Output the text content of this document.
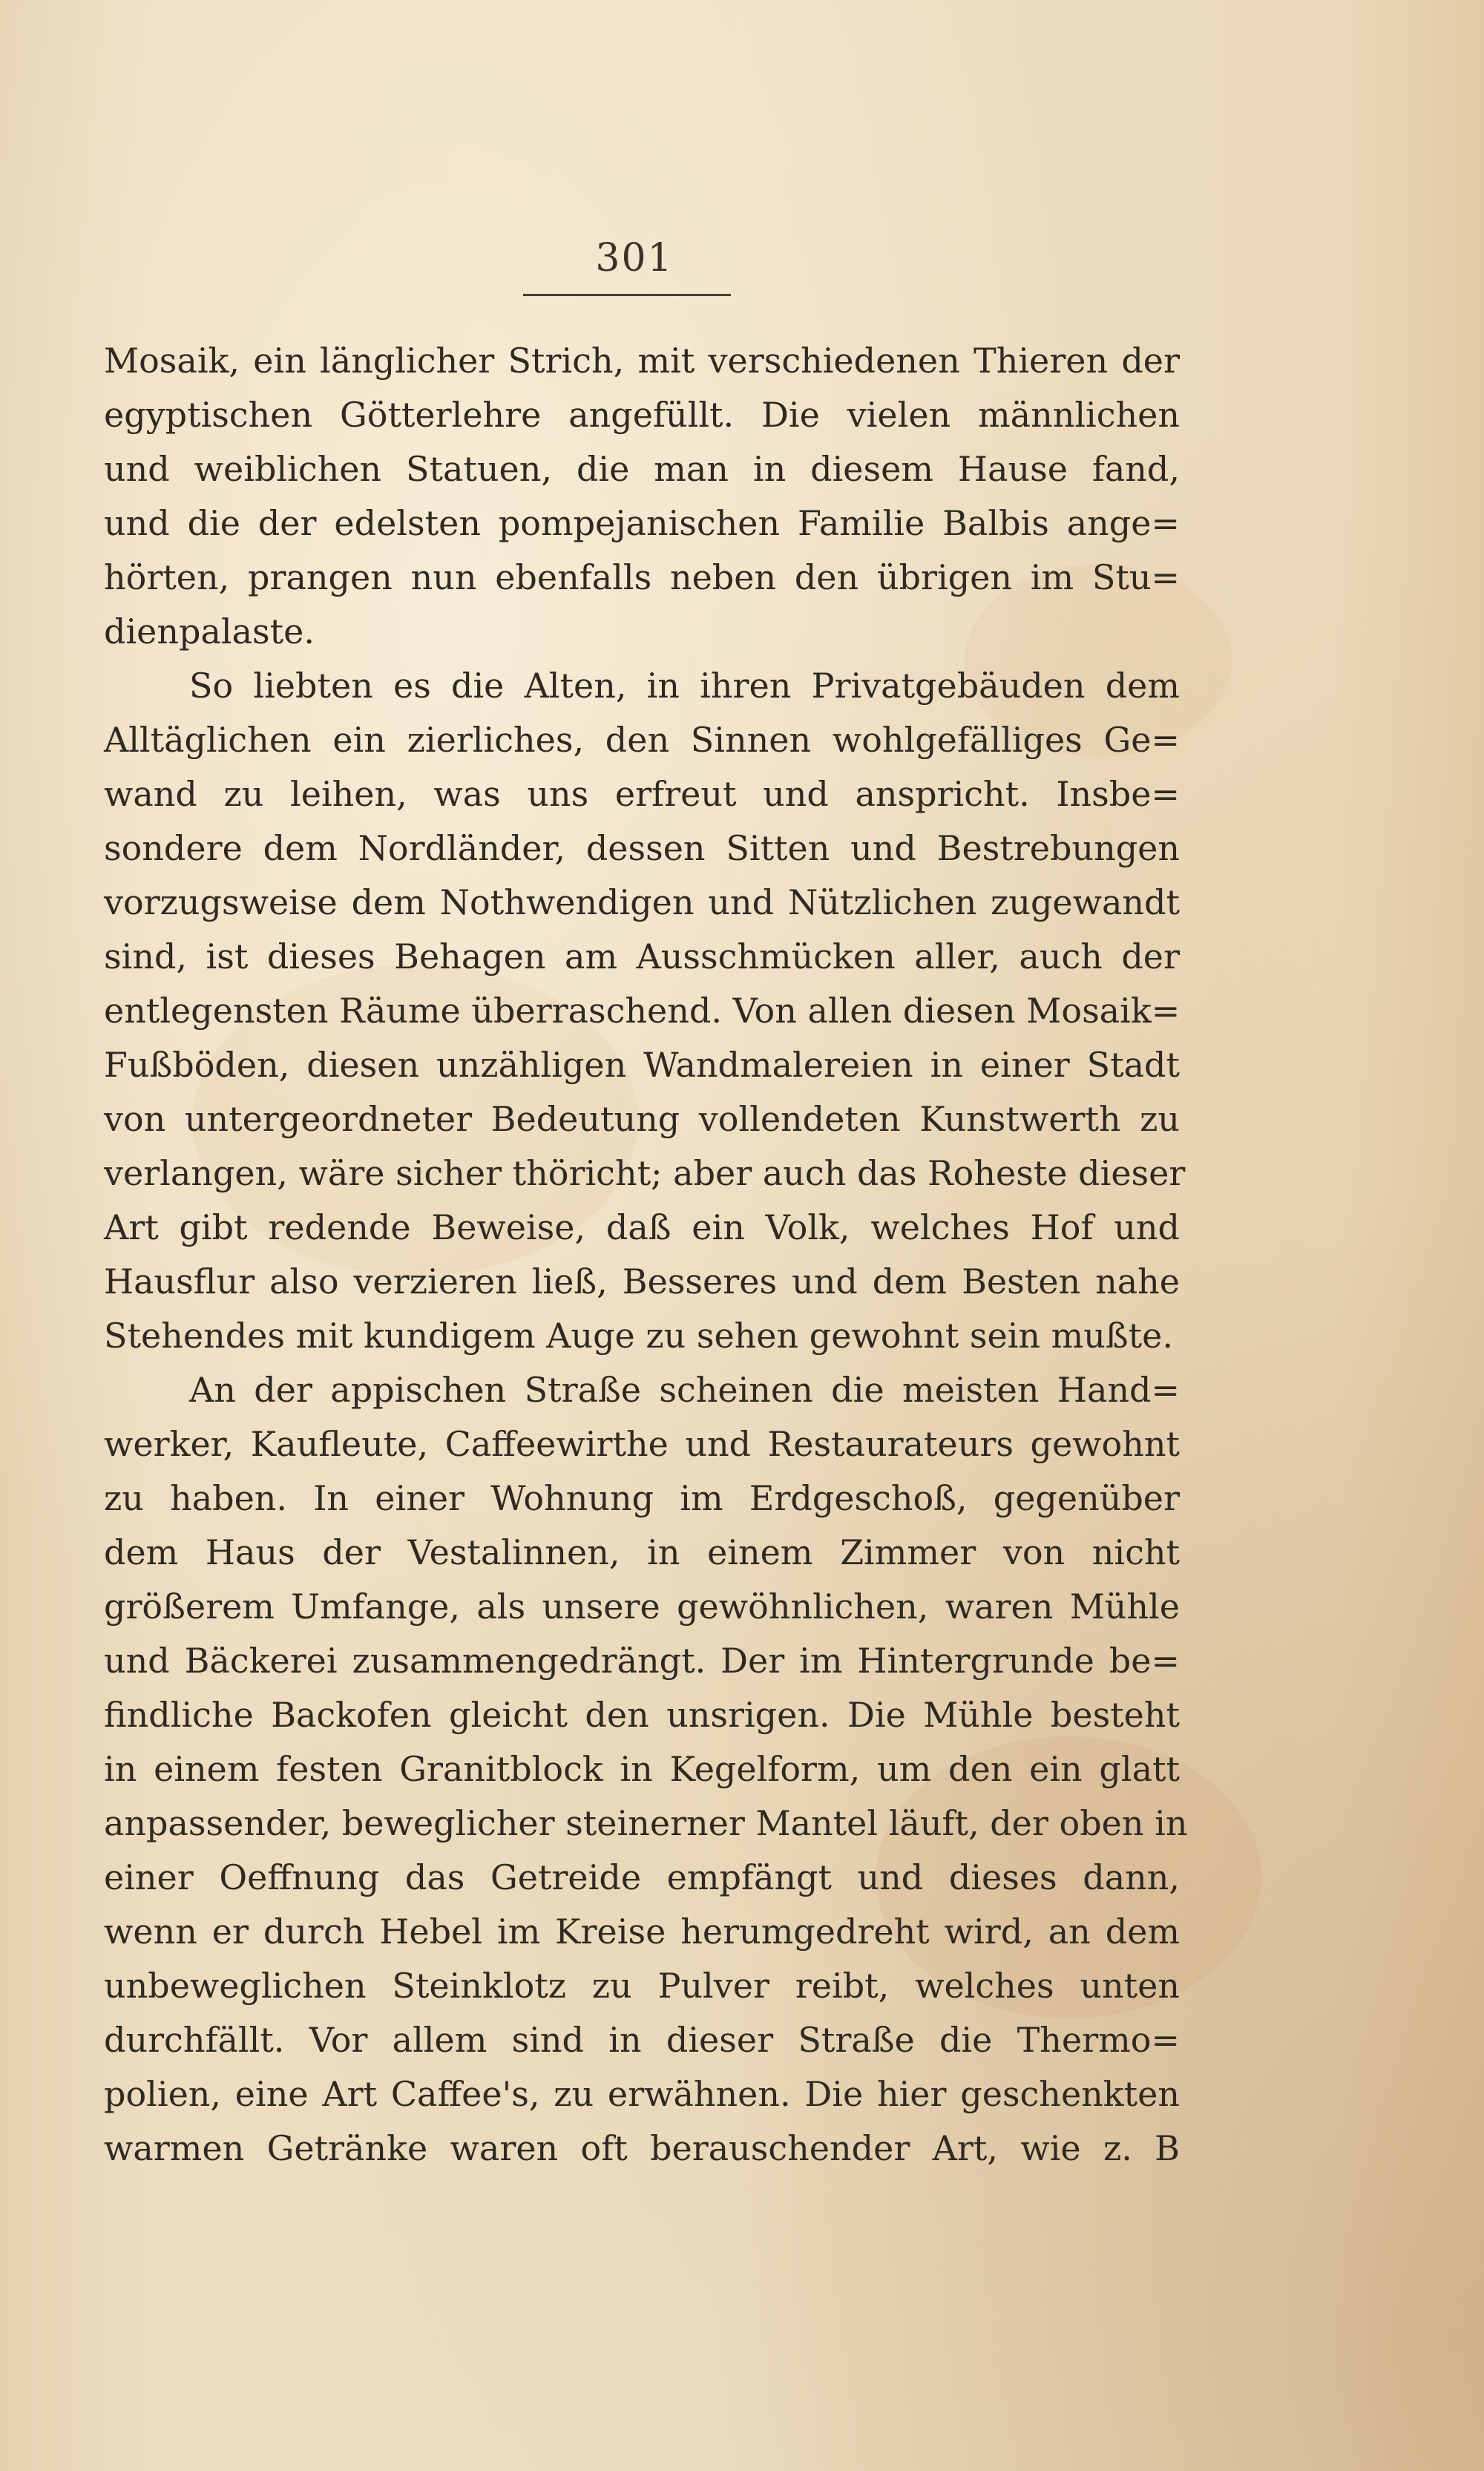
301
Mosaik, ein länglicher Strich, mit verschiedenen Thieren der
egyptischen Götterlehre angefüllt. Die vielen männlichen
und weiblichen Statuen, die man in diesem Hause fand,
und die der edelsten pompejanischen Familie Balbis ange=
hörten, prangen nun ebenfalls neben den übrigen im Stu=
dienpalaste.
So liebten es die Alten, in ihren Privatgebäuden dem
Alltäglichen ein zierliches, den Sinnen wohlgefälliges Ge=
wand zu leihen, was uns erfreut und anspricht. Insbe=
sondere dem Nordländer, dessen Sitten und Bestrebungen
vorzugsweise dem Nothwendigen und Nützlichen zugewandt
sind, ist dieses Behagen am Ausschmücken aller, auch der
entlegensten Räume überraschend. Von allen diesen Mosaik=
Fußböden, diesen unzähligen Wandmalereien in einer Stadt
von untergeordneter Bedeutung vollendeten Kunstwerth zu
verlangen, wäre sicher thöricht; aber auch das Roheste dieser
Art gibt redende Beweise, daß ein Volk, welches Hof und
Hausflur also verzieren ließ, Besseres und dem Besten nahe
Stehendes mit kundigem Auge zu sehen gewohnt sein mußte.
An der appischen Straße scheinen die meisten Hand=
werker, Kaufleute, Caffeewirthe und Restaurateurs gewohnt
zu haben. In einer Wohnung im Erdgeschoß, gegenüber
dem Haus der Vestalinnen, in einem Zimmer von nicht
größerem Umfange, als unsere gewöhnlichen, waren Mühle
und Bäckerei zusammengedrängt. Der im Hintergrunde be=
findliche Backofen gleicht den unsrigen. Die Mühle besteht
in einem festen Granitblock in Kegelform, um den ein glatt
anpassender, beweglicher steinerner Mantel läuft, der oben in
einer Oeffnung das Getreide empfängt und dieses dann,
wenn er durch Hebel im Kreise herumgedreht wird, an dem
unbeweglichen Steinklotz zu Pulver reibt, welches unten
durchfällt. Vor allem sind in dieser Straße die Thermo=
polien, eine Art Caffee's, zu erwähnen. Die hier geschenkten
warmen Getränke waren oft berauschender Art, wie z. B
